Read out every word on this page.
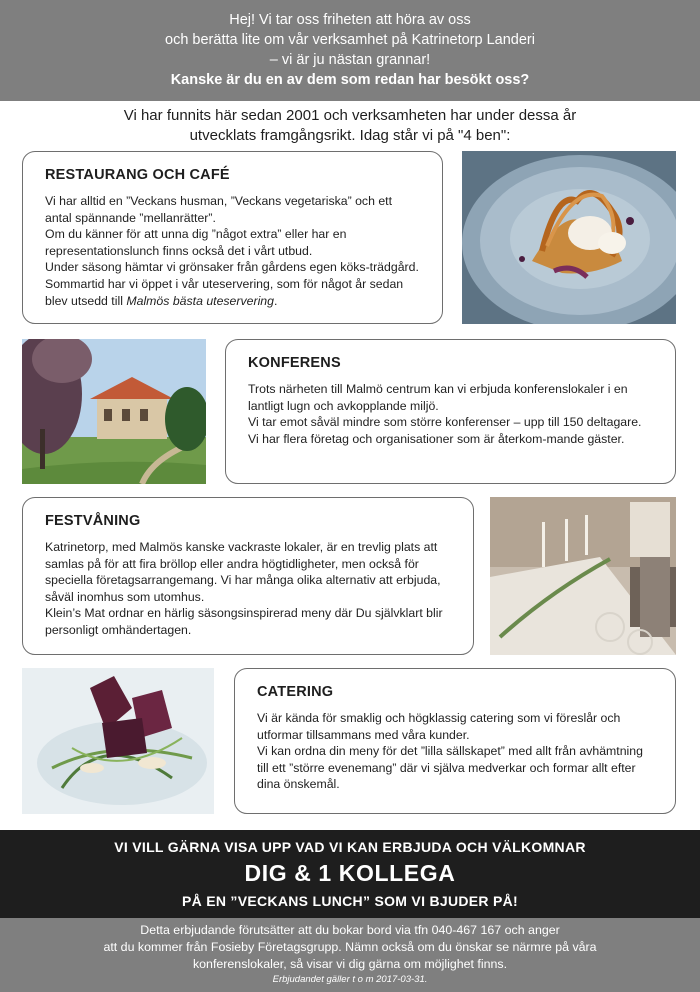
Hej! Vi tar oss friheten att höra av oss
och berätta lite om vår verksamhet på Katrinetorp Landeri
– vi är ju nästan grannar!
Kanske är du en av dem som redan har besökt oss?
Vi har funnits här sedan 2001 och verksamheten har under dessa år
utvecklats framgångsrikt. Idag står vi på "4 ben":
RESTAURANG OCH CAFÉ

Vi har alltid en ”Veckans husman, ”Veckans vegetariska” och ett antal spännande ”mellanrätter”.

Om du känner för att unna dig ”något extra” eller har en representationslunch finns också det i vårt utbud.

Under säsong hämtar vi grönsaker från gårdens egen köks-trädgård. Sommartid har vi öppet i vår uteservering, som för något år sedan blev utsedd till Malmös bästa uteservering.

KONFERENS

Trots närheten till Malmö centrum kan vi erbjuda konferenslokaler i en lantligt lugn och avkopplande miljö.

Vi tar emot såväl mindre som större konferenser – upp till 150 deltagare. Vi har flera företag och organisationer som är återkom-mande gäster.

FESTVÅNING

Katrinetorp, med Malmös kanske vackraste lokaler, är en trevlig plats att samlas på för att fira bröllop eller andra högtidligheter, men också för speciella företagsarrangemang. Vi har många olika alternativ att erbjuda, såväl inomhus som utomhus.

Klein’s Mat ordnar en härlig säsongsinspirerad meny där Du självklart blir personligt omhändertagen.

CATERING

Vi är kända för smaklig och högklassig catering som vi föreslår och utformar tillsammans med våra kunder.

Vi kan ordna din meny för det ”lilla sällskapet” med allt från avhämtning till ett ”större evenemang” där vi själva medverkar och formar allt efter dina önskemål.

VI VILL GÄRNA VISA UPP VAD VI KAN ERBJUDA OCH VÄLKOMNAR
DIG & 1 KOLLEGA
PÅ EN ”VECKANS LUNCH” SOM VI BJUDER PÅ!
Detta erbjudande förutsätter att du bokar bord via tfn 040-467 167 och anger
att du kommer från Fosieby Företagsgrupp. Nämn också om du önskar se närmre på våra
konferenslokaler, så visar vi dig gärna om möjlighet finns.
Erbjudandet gäller t o m 2017-03-31.
